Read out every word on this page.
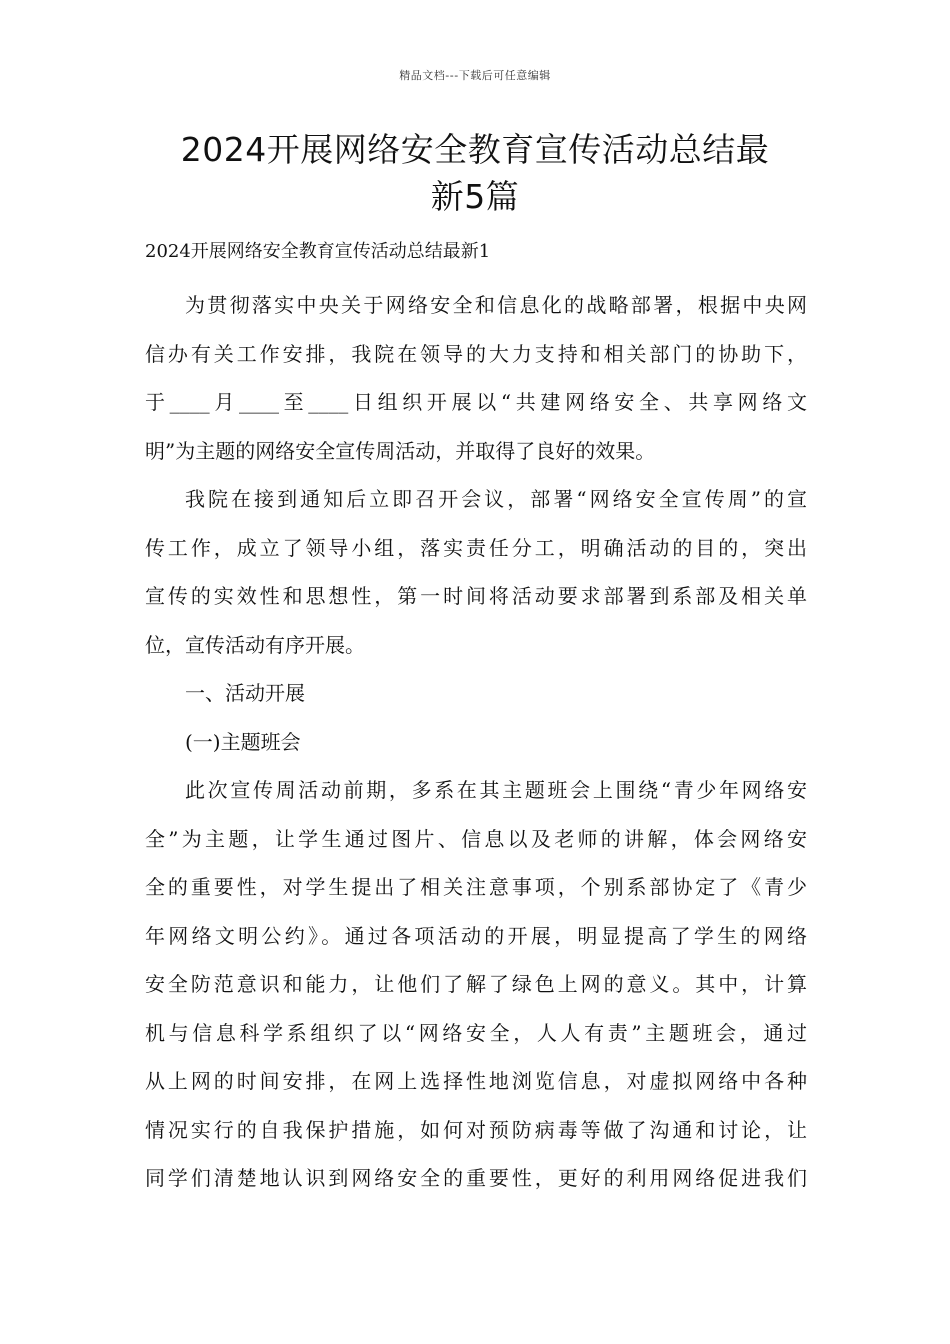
精品文档---下载后可任意编辑
2024开展网络安全教育宣传活动总结最
新5篇
2024开展网络安全教育宣传活动总结最新1
为贯彻落实中央关于网络安全和信息化的战略部署，根据中央网
信办有关工作安排，我院在领导的大力支持和相关部门的协助下，
于____月____至____日组织开展以“共建网络安全、共享网络文
明”为主题的网络安全宣传周活动，并取得了良好的效果。
我院在接到通知后立即召开会议，部署“网络安全宣传周”的宣
传工作，成立了领导小组，落实责任分工，明确活动的目的，突出
宣传的实效性和思想性，第一时间将活动要求部署到系部及相关单
位，宣传活动有序开展。
一、活动开展
(一)主题班会
此次宣传周活动前期，多系在其主题班会上围绕“青少年网络安
全”为主题，让学生通过图片、信息以及老师的讲解，体会网络安
全的重要性，对学生提出了相关注意事项，个别系部协定了《青少
年网络文明公约》。通过各项活动的开展，明显提高了学生的网络
安全防范意识和能力，让他们了解了绿色上网的意义。其中，计算
机与信息科学系组织了以“网络安全，人人有责”主题班会，通过
从上网的时间安排，在网上选择性地浏览信息，对虚拟网络中各种
情况实行的自我保护措施，如何对预防病毒等做了沟通和讨论，让
同学们清楚地认识到网络安全的重要性，更好的利用网络促进我们
